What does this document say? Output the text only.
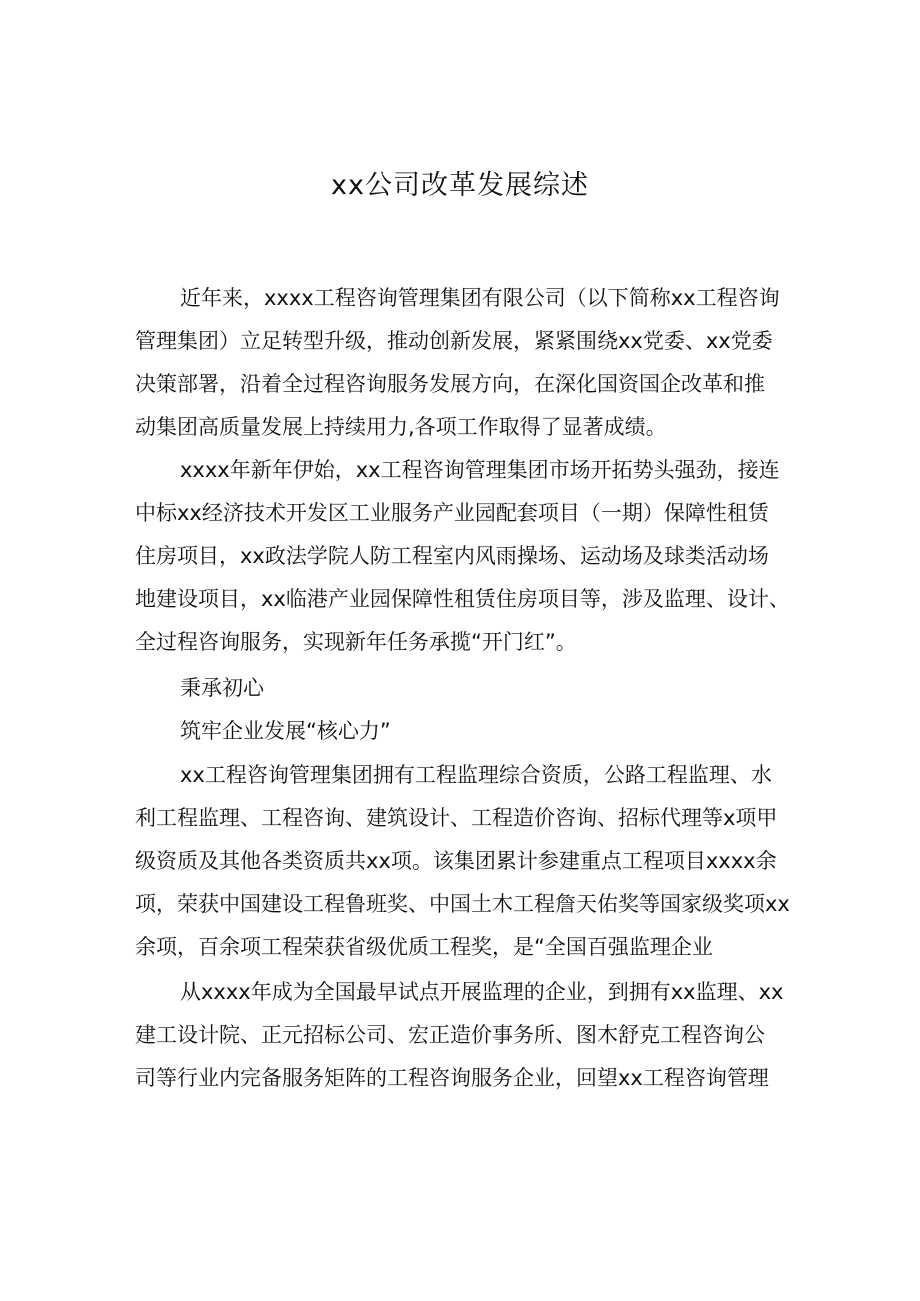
xx公司改革发展综述
近年来，xxxx工程咨询管理集团有限公司（以下简称xx工程咨询
管理集团）立足转型升级，推动创新发展，紧紧围绕xx党委、xx党委
决策部署，沿着全过程咨询服务发展方向，在深化国资国企改革和推
动集团高质量发展上持续用力,各项工作取得了显著成绩。
xxxx年新年伊始，xx工程咨询管理集团市场开拓势头强劲，接连
中标xx经济技术开发区工业服务产业园配套项目（一期）保障性租赁
住房项目，xx政法学院人防工程室内风雨操场、运动场及球类活动场
地建设项目，xx临港产业园保障性租赁住房项目等，涉及监理、设计、
全过程咨询服务，实现新年任务承揽“开门红”。
秉承初心
筑牢企业发展“核心力”
xx工程咨询管理集团拥有工程监理综合资质，公路工程监理、水
利工程监理、工程咨询、建筑设计、工程造价咨询、招标代理等x项甲
级资质及其他各类资质共xx项。该集团累计参建重点工程项目xxxx余
项，荣获中国建设工程鲁班奖、中国土木工程詹天佑奖等国家级奖项xx
余项，百余项工程荣获省级优质工程奖，是“全国百强监理企业
从xxxx年成为全国最早试点开展监理的企业，到拥有xx监理、xx
建工设计院、正元招标公司、宏正造价事务所、图木舒克工程咨询公
司等行业内完备服务矩阵的工程咨询服务企业，回望xx工程咨询管理
